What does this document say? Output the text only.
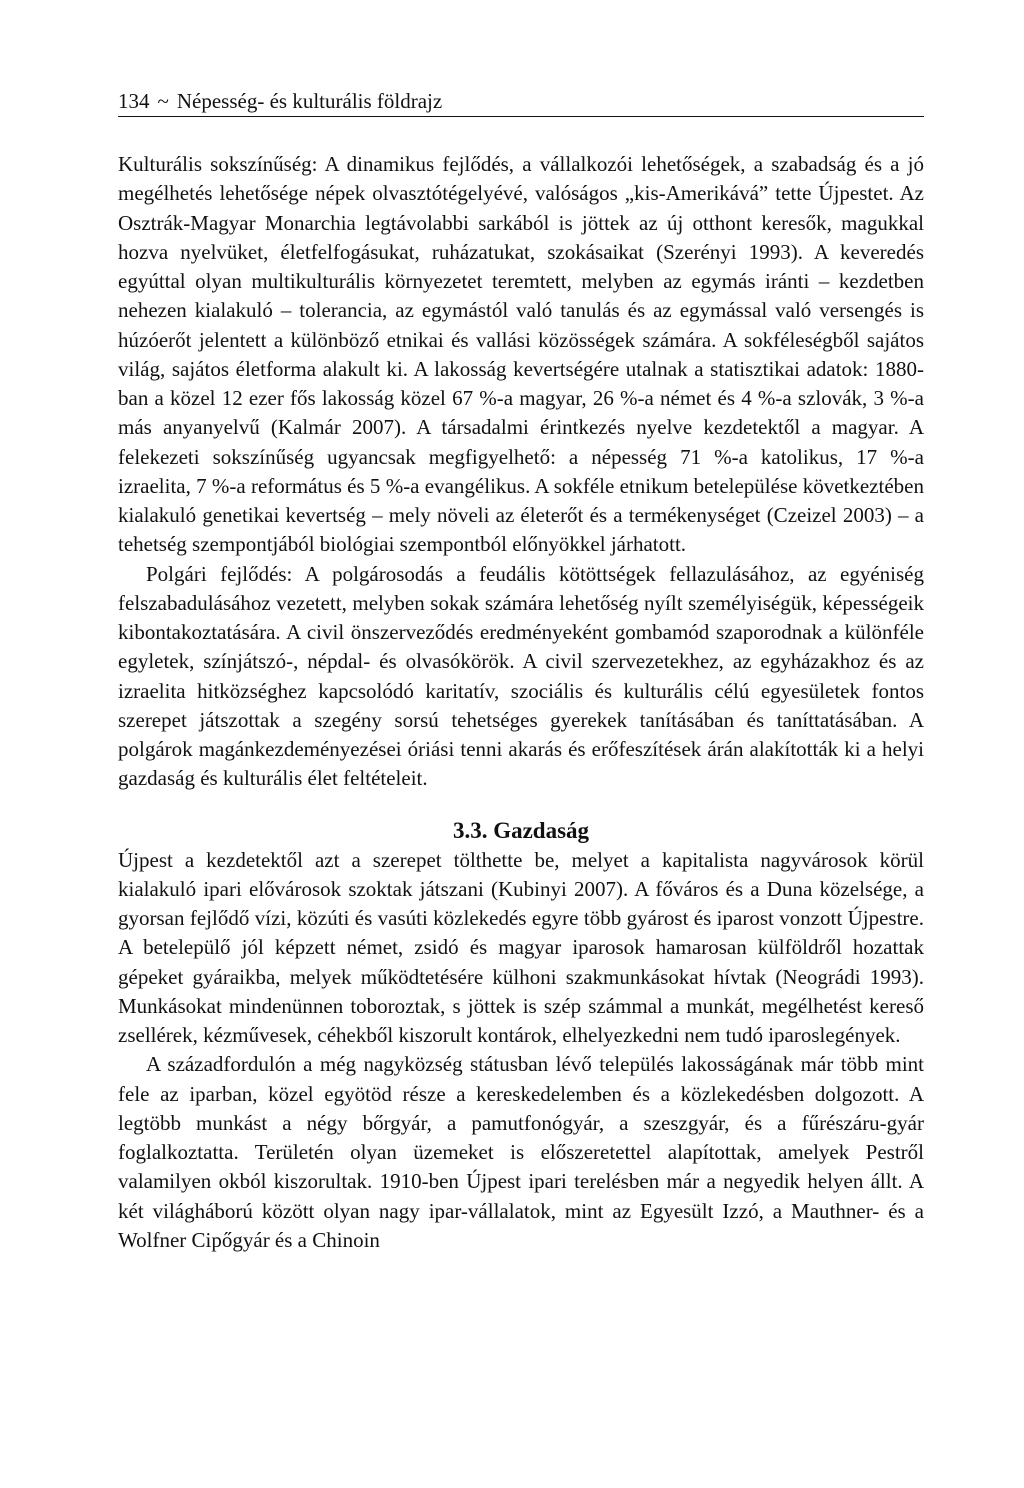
134 ~ Népesség- és kulturális földrajz

Kulturális sokszínűség: A dinamikus fejlődés, a vállalkozói lehetőségek, a szabadság és a jó megélhetés lehetősége népek olvasztótégelyévé, valóságos „kis-Amerikává” tette Újpestet. Az Osztrák-Magyar Monarchia legtávolabbi sarkából is jöttek az új otthont keresők, magukkal hozva nyelvüket, életfelfogásukat, ruházatukat, szokásaikat (Szerényi 1993). A keveredés egyúttal olyan multikulturális környezetet teremtett, melyben az egymás iránti – kezdetben nehezen kialakuló – tolerancia, az egymástól való tanulás és az egymással való versengés is húzóerőt jelentett a különböző etnikai és vallási közösségek számára. A sokféleségből sajátos világ, sajátos életforma alakult ki. A lakosság kevertségére utalnak a statisztikai adatok: 1880-ban a közel 12 ezer fős lakosság közel 67 %-a magyar, 26 %-a német és 4 %-a szlovák, 3 %-a más anyanyelvű (Kalmár 2007). A társadalmi érintkezés nyelve kezdetektől a magyar. A felekezeti sokszínűség ugyancsak megfigyelhető: a népesség 71 %-a katolikus, 17 %-a izraelita, 7 %-a református és 5 %-a evangélikus. A sokféle etnikum betelepülése következtében kialakuló genetikai kevertség – mely növeli az életerőt és a termékenységet (Czeizel 2003) – a tehetség szempontjából biológiai szempontból előnyökkel járhatott.

Polgári fejlődés: A polgárosodás a feudális kötöttségek fellazulásához, az egyéniség felszabadulásához vezetett, melyben sokak számára lehetőség nyílt személyiségük, képességeik kibontakoztatására. A civil önszerveződés eredményeként gombamód szaporodnak a különféle egyletek, színjátszó-, népdal- és olvasókörök. A civil szervezetekhez, az egyházakhoz és az izraelita hitközséghez kapcsolódó karitatív, szociális és kulturális célú egyesületek fontos szerepet játszottak a szegény sorsú tehetséges gyerekek tanításában és taníttatásában. A polgárok magánkezdeményezései óriási tenni akarás és erőfeszítések árán alakították ki a helyi gazdaság és kulturális élet feltételeit.

3.3. Gazdaság

Újpest a kezdetektől azt a szerepet tölthette be, melyet a kapitalista nagyvárosok körül kialakuló ipari elővárosok szoktak játszani (Kubinyi 2007). A főváros és a Duna közelsége, a gyorsan fejlődő vízi, közúti és vasúti közlekedés egyre több gyárost és iparost vonzott Újpestre. A betelepülő jól képzett német, zsidó és magyar iparosok hamarosan külföldről hozattak gépeket gyáraikba, melyek működtetésére külhoni szakmunkásokat hívtak (Neográdi 1993). Munkásokat mindenünnen toboroztak, s jöttek is szép számmal a munkát, megélhetést kereső zsellérek, kézművesek, céhekből kiszorult kontárok, elhelyezkedni nem tudó iparoslegények.

A századfordulón a még nagyközség státusban lévő település lakosságának már több mint fele az iparban, közel egyötöd része a kereskedelemben és a közlekedésben dolgozott. A legtöbb munkást a négy bőrgyár, a pamutfonógyár, a szeszgyár, és a fűrészáru-gyár foglalkoztatta. Területén olyan üzemeket is előszeretettel alapítottak, amelyek Pestről valamilyen okból kiszorultak. 1910-ben Újpest ipari terelésben már a negyedik helyen állt. A két világháború között olyan nagy ipar-vállalatok, mint az Egyesült Izzó, a Mauthner- és a Wolfner Cipőgyár és a Chinoin
